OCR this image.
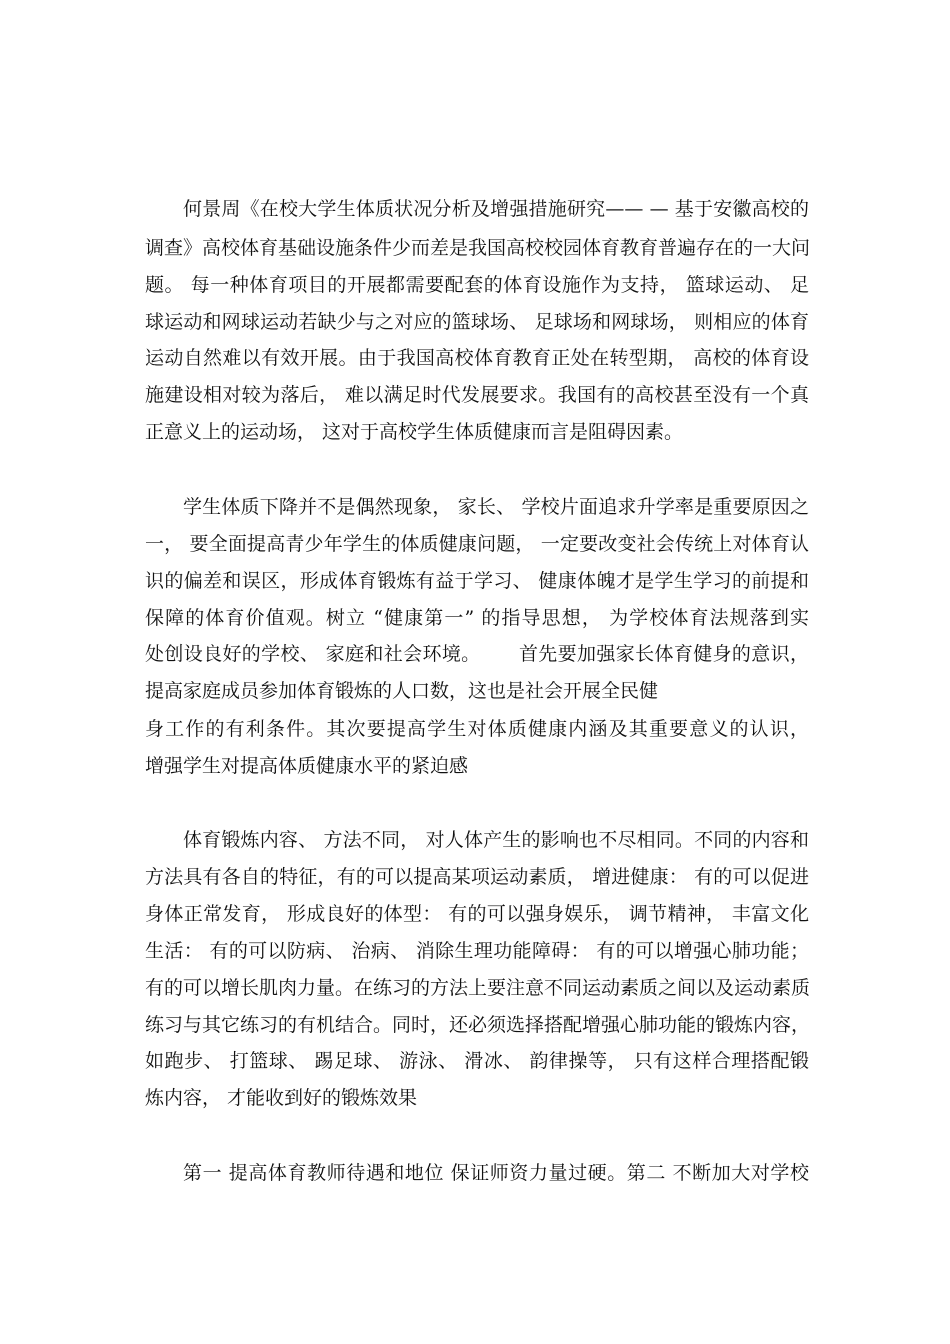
何景周《在校大学生体质状况分析及增强措施研究—— — 基于安徽高校的
调查》高校体育基础设施条件少而差是我国高校校园体育教育普遍存在的一大问
题。 每一种体育项目的开展都需要配套的体育设施作为支持， 篮球运动、 足
球运动和网球运动若缺少与之对应的篮球场、 足球场和网球场， 则相应的体育
运动自然难以有效开展。由于我国高校体育教育正处在转型期， 高校的体育设
施建设相对较为落后， 难以满足时代发展要求。我国有的高校甚至没有一个真
正意义上的运动场， 这对于高校学生体质健康而言是阻碍因素。
学生体质下降并不是偶然现象， 家长、 学校片面追求升学率是重要原因之
一， 要全面提高青少年学生的体质健康问题， 一定要改变社会传统上对体育认
识的偏差和误区，形成体育锻炼有益于学习、 健康体魄才是学生学习的前提和
保障的体育价值观。树立 “健康第一” 的指导思想， 为学校体育法规落到实
处创设良好的学校、 家庭和社会环境。      首先要加强家长体育健身的意识，
提高家庭成员参加体育锻炼的人口数，这也是社会开展全民健
身工作的有利条件。其次要提高学生对体质健康内涵及其重要意义的认识，
增强学生对提高体质健康水平的紧迫感
体育锻炼内容、 方法不同， 对人体产生的影响也不尽相同。不同的内容和
方法具有各自的特征，有的可以提高某项运动素质， 增进健康： 有的可以促进
身体正常发育， 形成良好的体型： 有的可以强身娱乐， 调节精神， 丰富文化
生活： 有的可以防病、 治病、 消除生理功能障碍： 有的可以增强心肺功能；
有的可以增长肌肉力量。在练习的方法上要注意不同运动素质之间以及运动素质
练习与其它练习的有机结合。同时，还必须选择搭配增强心肺功能的锻炼内容，
如跑步、 打篮球、 踢足球、 游泳、 滑冰、 韵律操等， 只有这样合理搭配锻
炼内容， 才能收到好的锻炼效果
第一 提高体育教师待遇和地位 保证师资力量过硬。第二 不断加大对学校
